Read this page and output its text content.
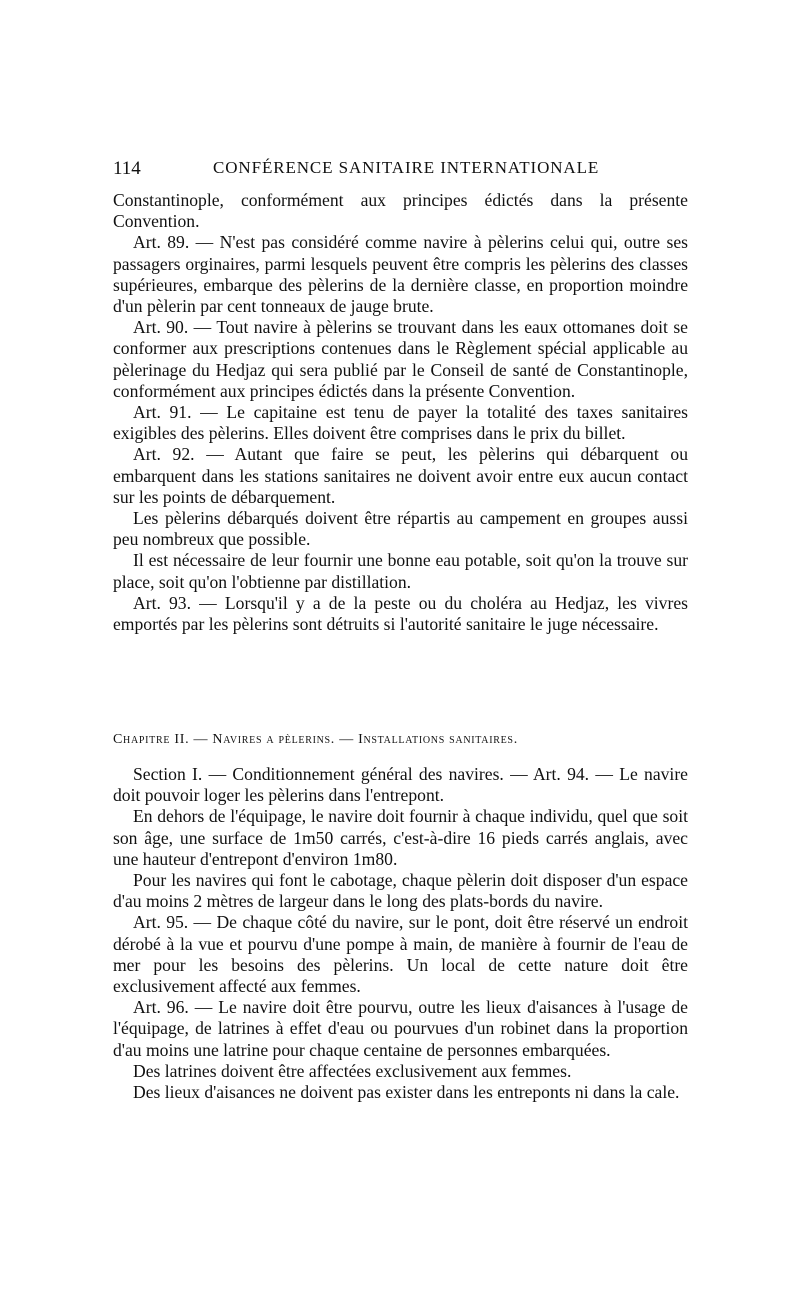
114	CONFÉRENCE SANITAIRE INTERNATIONALE

Constantinople, conformément aux principes édictés dans la présente Convention.

Art. 89. — N'est pas considéré comme navire à pèlerins celui qui, outre ses passagers orginaires, parmi lesquels peuvent être compris les pèlerins des classes supérieures, embarque des pèlerins de la dernière classe, en proportion moindre d'un pèlerin par cent tonneaux de jauge brute.

Art. 90. — Tout navire à pèlerins se trouvant dans les eaux ottomanes doit se conformer aux prescriptions contenues dans le Règlement spécial applicable au pèlerinage du Hedjaz qui sera publié par le Conseil de santé de Constantinople, conformément aux principes édictés dans la présente Convention.

Art. 91. — Le capitaine est tenu de payer la totalité des taxes sanitaires exigibles des pèlerins. Elles doivent être comprises dans le prix du billet.

Art. 92. — Autant que faire se peut, les pèlerins qui débarquent ou embarquent dans les stations sanitaires ne doivent avoir entre eux aucun contact sur les points de débarquement.

Les pèlerins débarqués doivent être répartis au campement en groupes aussi peu nombreux que possible.

Il est nécessaire de leur fournir une bonne eau potable, soit qu'on la trouve sur place, soit qu'on l'obtienne par distillation.

Art. 93. — Lorsqu'il y a de la peste ou du choléra au Hedjaz, les vivres emportés par les pèlerins sont détruits si l'autorité sanitaire le juge nécessaire.

Chapitre II. — Navires a pèlerins. — Installations sanitaires.

Section I. — Conditionnement général des navires. — Art. 94. — Le navire doit pouvoir loger les pèlerins dans l'entrepont.

En dehors de l'équipage, le navire doit fournir à chaque individu, quel que soit son âge, une surface de 1m50 carrés, c'est-à-dire 16 pieds carrés anglais, avec une hauteur d'entrepont d'environ 1m80.

Pour les navires qui font le cabotage, chaque pèlerin doit disposer d'un espace d'au moins 2 mètres de largeur dans le long des plats-bords du navire.

Art. 95. — De chaque côté du navire, sur le pont, doit être réservé un endroit dérobé à la vue et pourvu d'une pompe à main, de manière à fournir de l'eau de mer pour les besoins des pèlerins. Un local de cette nature doit être exclusivement affecté aux femmes.

Art. 96. — Le navire doit être pourvu, outre les lieux d'aisances à l'usage de l'équipage, de latrines à effet d'eau ou pourvues d'un robinet dans la proportion d'au moins une latrine pour chaque centaine de personnes embarquées.

Des latrines doivent être affectées exclusivement aux femmes.

Des lieux d'aisances ne doivent pas exister dans les entreponts ni dans la cale.
